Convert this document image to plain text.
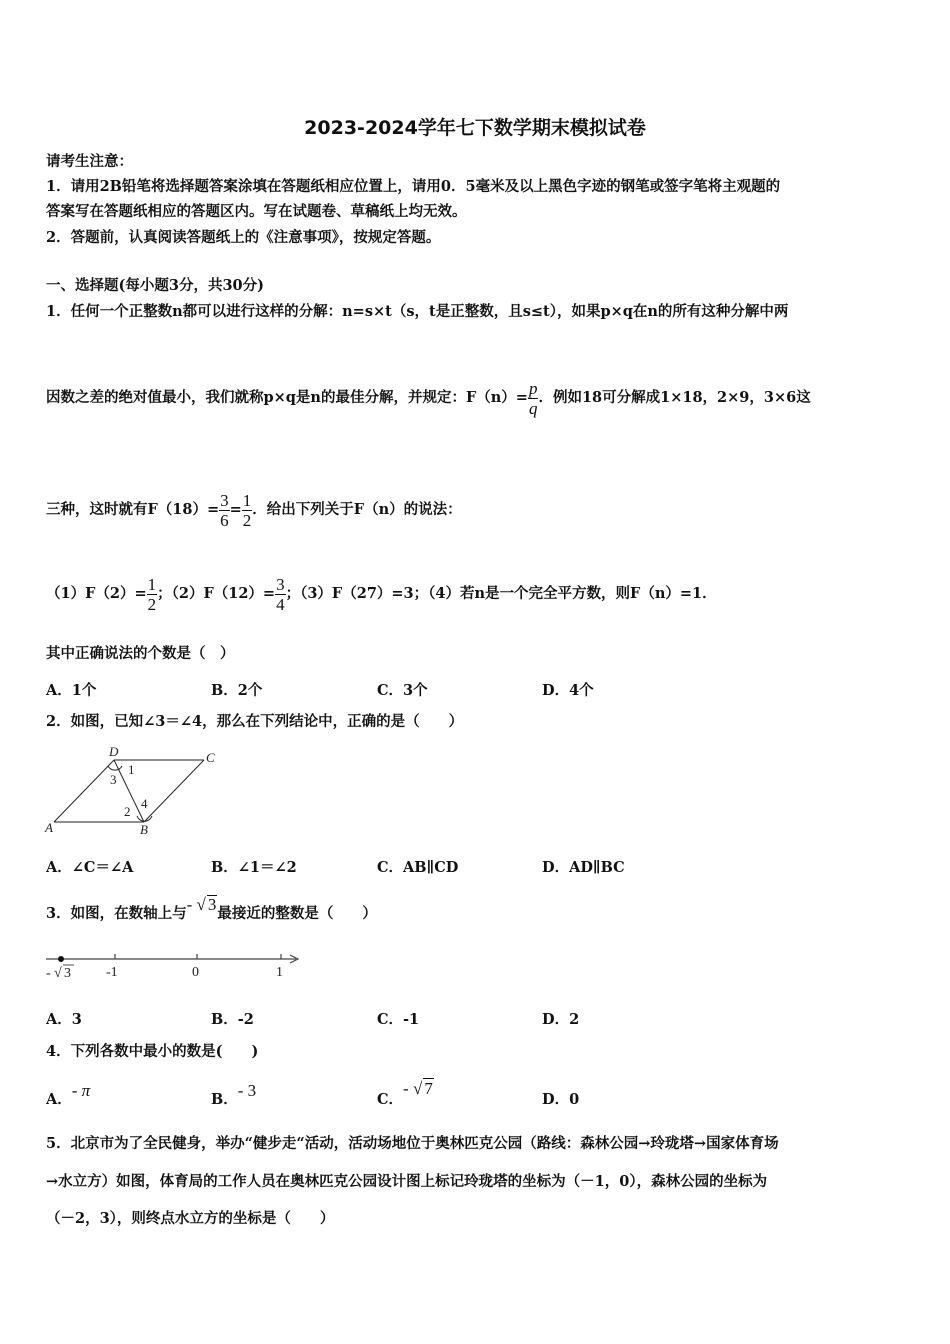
2023-2024学年七下数学期末模拟试卷
请考生注意：
1．请用2B铅笔将选择题答案涂填在答题纸相应位置上，请用0．5毫米及以上黑色字迹的钢笔或签字笔将主观题的
答案写在答题纸相应的答题区内。写在试题卷、草稿纸上均无效。
2．答题前，认真阅读答题纸上的《注意事项》，按规定答题。
一、选择题(每小题3分，共30分)
1．任何一个正整数n都可以进行这样的分解：n=s×t（s，t是正整数，且s≤t），如果p×q在n的所有这种分解中两
因数之差的绝对值最小，我们就称p×q是n的最佳分解，并规定：$F(n)= \frac{p}{q}$ ．例如18可分解成1×18，2×9，3×6这
三种，这时就有$F(18)= \frac{3}{6} = \frac{1}{2}$ ．给出下列关于F（n）的说法：
$(1)F(2)= \frac{1}{2}$ ；$(2)F(12)= \frac{3}{4}$ ；（3）F（27）=3；（4）若n是一个完全平方数，则F（n）=1．
其中正确说法的个数是（　）
A．1个	B．2个	C．3个	D．4个
2．如图，已知∠3＝∠4，那么在下列结论中，正确的是（　　）
D	C
A	B
1
3
2
4
A．∠C＝∠A	B．∠1＝∠2	C．AB∥CD	D．AD∥BC
3．如图，在数轴上与- √ 3最接近的整数是（　　）
- √ 3	-1	0	1
A．3	B．-2	C．-1	D．2
4．下列各数中最小的数是(　　)
A．- π	B．- 3	C．- √ 7
D．0
5．北京市为了全民健身，举办“健步走“活动，活动场地位于奥林匹克公园（路线：森林公园→玲珑塔→国家体育场
→水立方）如图，体育局的工作人员在奥林匹克公园设计图上标记玲珑塔的坐标为（－1，0），森林公园的坐标为
（－2，3），则终点水立方的坐标是（　　）
